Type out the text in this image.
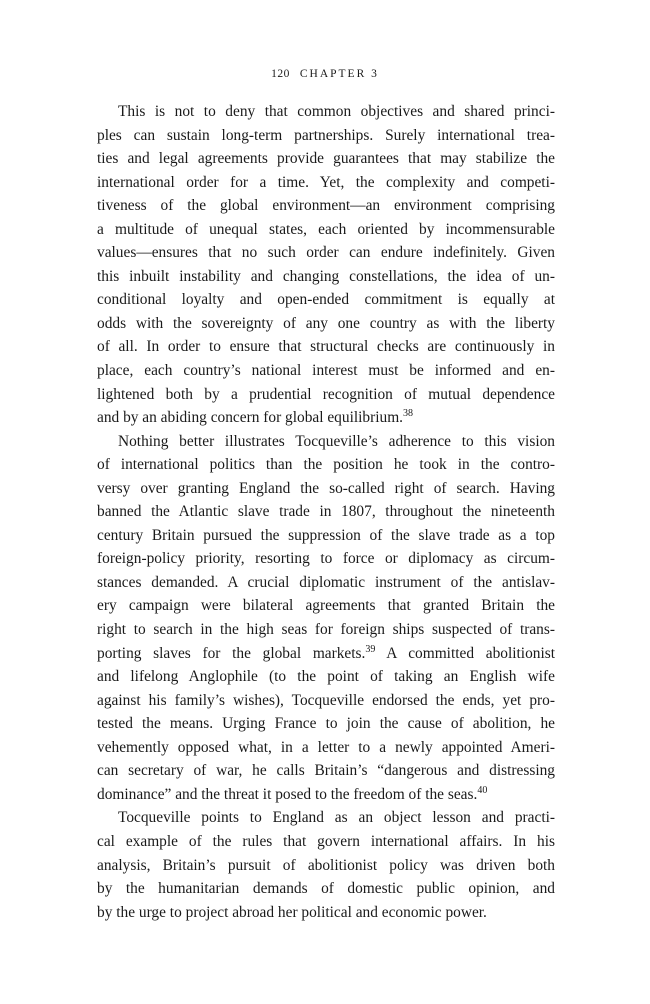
120 CHAPTER 3
This is not to deny that common objectives and shared princi-
ples can sustain long-term partnerships. Surely international trea-
ties and legal agreements provide guarantees that may stabilize the
international order for a time. Yet, the complexity and competi-
tiveness of the global environment—an environment comprising
a multitude of unequal states, each oriented by incommensurable
values—ensures that no such order can endure indefinitely. Given
this inbuilt instability and changing constellations, the idea of un-
conditional loyalty and open-ended commitment is equally at
odds with the sovereignty of any one country as with the liberty
of all. In order to ensure that structural checks are continuously in
place, each country’s national interest must be informed and en-
lightened both by a prudential recognition of mutual dependence
and by an abiding concern for global equilibrium.$^{38}$
Nothing better illustrates Tocqueville’s adherence to this vision
of international politics than the position he took in the contro-
versy over granting England the so-called right of search. Having
banned the Atlantic slave trade in 1807, throughout the nineteenth
century Britain pursued the suppression of the slave trade as a top
foreign-policy priority, resorting to force or diplomacy as circum-
stances demanded. A crucial diplomatic instrument of the antislav-
ery campaign were bilateral agreements that granted Britain the
right to search in the high seas for foreign ships suspected of trans-
porting slaves for the global markets.$^{39}$ A committed abolitionist
and lifelong Anglophile (to the point of taking an English wife
against his family’s wishes), Tocqueville endorsed the ends, yet pro-
tested the means. Urging France to join the cause of abolition, he
vehemently opposed what, in a letter to a newly appointed Ameri-
can secretary of war, he calls Britain’s “dangerous and distressing
dominance” and the threat it posed to the freedom of the seas.$^{40}$
Tocqueville points to England as an object lesson and practi-
cal example of the rules that govern international affairs. In his
analysis, Britain’s pursuit of abolitionist policy was driven both
by the humanitarian demands of domestic public opinion, and
by the urge to project abroad her political and economic power.
